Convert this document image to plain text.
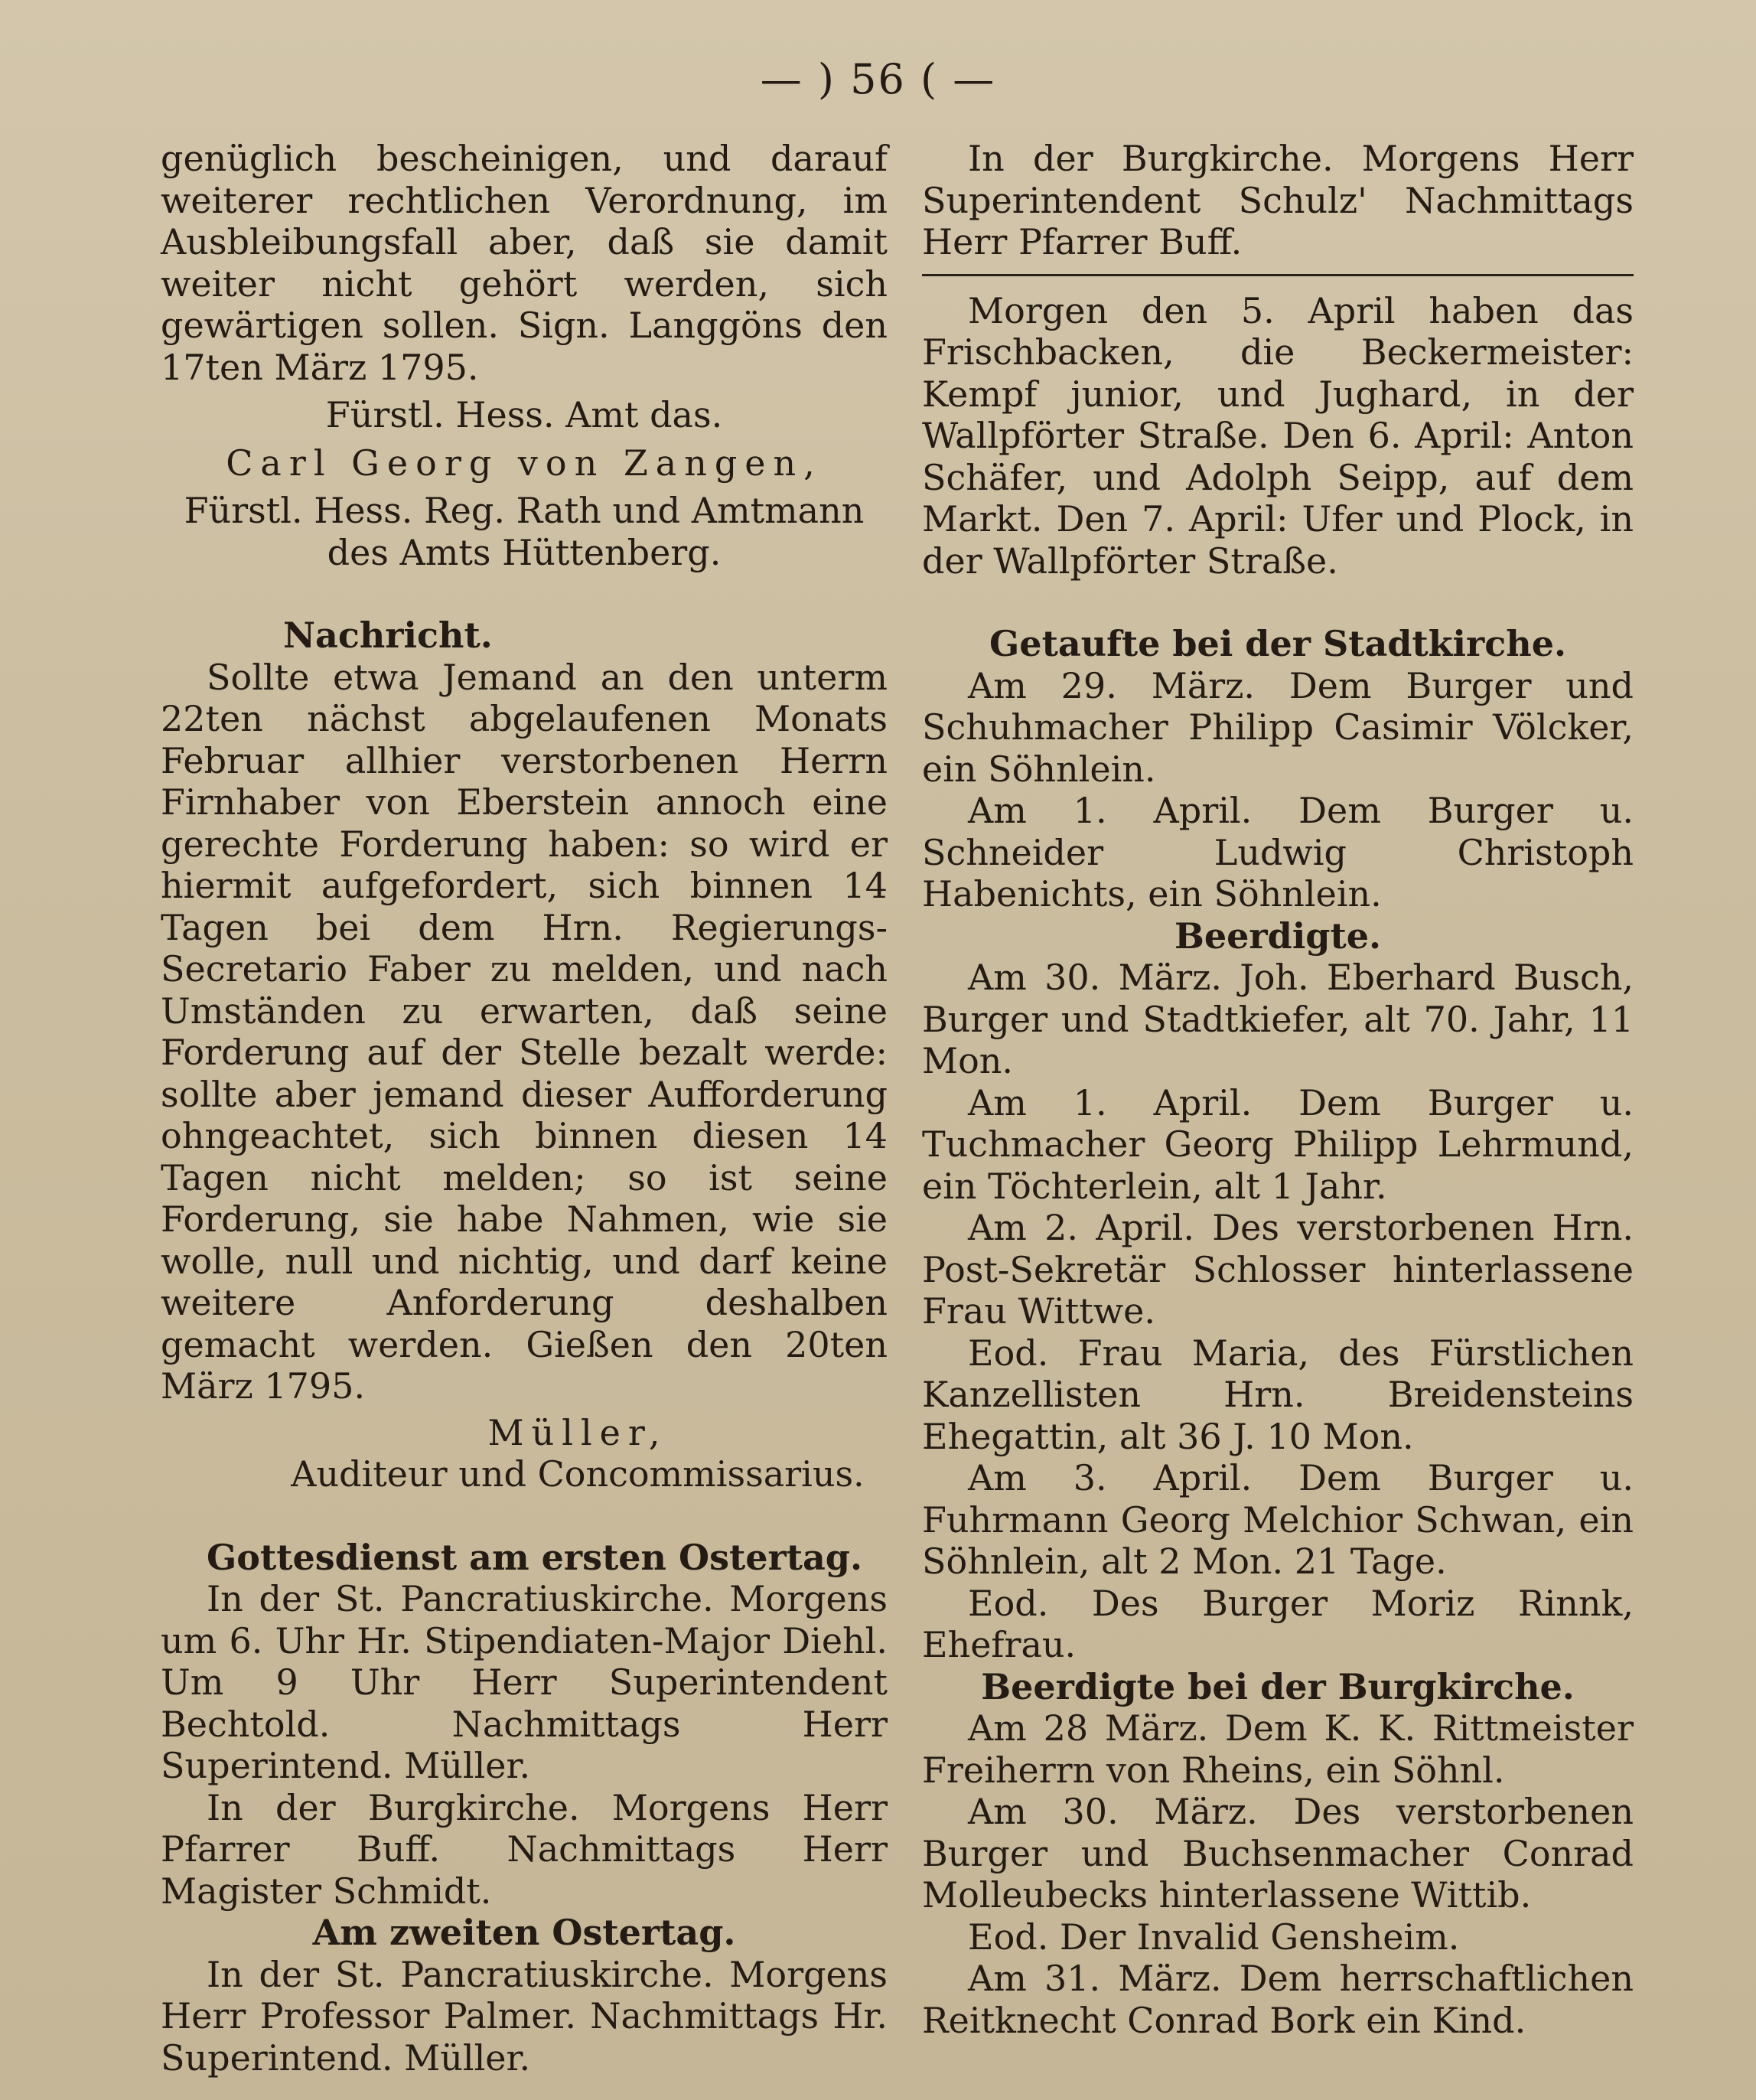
— ) 56 ( —

genüglich bescheinigen, und darauf weiterer rechtlichen Verordnung, im Ausbleibungsfall aber, daß sie damit weiter nicht gehört werden, sich gewärtigen sollen. Sign. Langgöns den 17ten März 1795.

Fürstl. Hess. Amt das.

Carl Georg von Zangen,

Fürstl. Hess. Reg. Rath und Amtmann des Amts Hüttenberg.

Nachricht.

Sollte etwa Jemand an den unterm 22ten nächst abgelaufenen Monats Februar allhier verstorbenen Herrn Firnhaber von Eberstein annoch eine gerechte Forderung haben: so wird er hiermit aufgefordert, sich binnen 14 Tagen bei dem Hrn. Regierungs-Secretario Faber zu melden, und nach Umständen zu erwarten, daß seine Forderung auf der Stelle bezalt werde: sollte aber jemand dieser Aufforderung ohngeachtet, sich binnen diesen 14 Tagen nicht melden; so ist seine Forderung, sie habe Nahmen, wie sie wolle, null und nichtig, und darf keine weitere Anforderung deshalben gemacht werden. Gießen den 20ten März 1795.

Müller,

Auditeur und Concommissarius.

Gottesdienst am ersten Ostertag.

In der St. Pancratiuskirche. Morgens um 6. Uhr Hr. Stipendiaten-Major Diehl. Um 9 Uhr Herr Superintendent Bechtold. Nachmittags Herr Superintend. Müller.

In der Burgkirche. Morgens Herr Pfarrer Buff. Nachmittags Herr Magister Schmidt.

Am zweiten Ostertag.

In der St. Pancratiuskirche. Morgens Herr Professor Palmer. Nachmittags Hr. Superintend. Müller.

In der Burgkirche. Morgens Herr Superintendent Schulz' Nachmittags Herr Pfarrer Buff.

Morgen den 5. April haben das Frischbacken, die Beckermeister: Kempf junior, und Jughard, in der Wallpförter Straße. Den 6. April: Anton Schäfer, und Adolph Seipp, auf dem Markt. Den 7. April: Ufer und Plock, in der Wallpförter Straße.

Getaufte bei der Stadtkirche.

Am 29. März. Dem Burger und Schuhmacher Philipp Casimir Völcker, ein Söhnlein.

Am 1. April. Dem Burger u. Schneider Ludwig Christoph Habenichts, ein Söhnlein.

Beerdigte.

Am 30. März. Joh. Eberhard Busch, Burger und Stadtkiefer, alt 70. Jahr, 11 Mon.

Am 1. April. Dem Burger u. Tuchmacher Georg Philipp Lehrmund, ein Töchterlein, alt 1 Jahr.

Am 2. April. Des verstorbenen Hrn. Post-Sekretär Schlosser hinterlassene Frau Wittwe.

Eod. Frau Maria, des Fürstlichen Kanzellisten Hrn. Breidensteins Ehegattin, alt 36 J. 10 Mon.

Am 3. April. Dem Burger u. Fuhrmann Georg Melchior Schwan, ein Söhnlein, alt 2 Mon. 21 Tage.

Eod. Des Burger Moriz Rinnk, Ehefrau.

Beerdigte bei der Burgkirche.

Am 28 März. Dem K. K. Rittmeister Freiherrn von Rheins, ein Söhnl.

Am 30. März. Des verstorbenen Burger und Buchsenmacher Conrad Molleubecks hinterlassene Wittib.

Eod. Der Invalid Gensheim.

Am 31. März. Dem herrschaftlichen Reitknecht Conrad Bork ein Kind.
